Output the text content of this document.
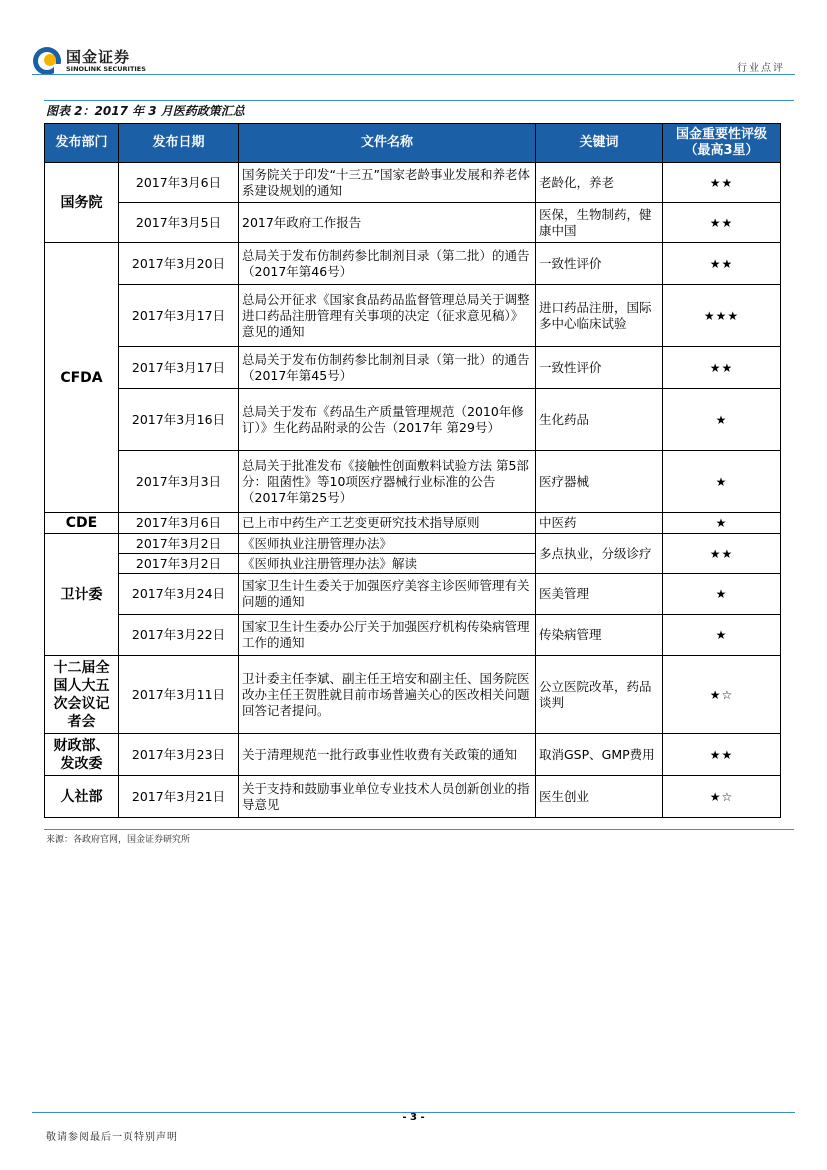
国金证券
SINOLINK SECURITIES	行业点评
图表 2：2017 年 3 月医药政策汇总
发布部门	发布日期	文件名称	关键词	国金重要性评级（最高3星）
国务院	2017年3月6日	国务院关于印发“十三五”国家老龄事业发展和养老体系建设规划的通知	老龄化，养老	★★
	2017年3月5日	2017年政府工作报告	医保，生物制药，健康中国	★★
CFDA	2017年3月20日	总局关于发布仿制药参比制剂目录（第二批）的通告（2017年第46号）	一致性评价	★★
	2017年3月17日	总局公开征求《国家食品药品监督管理总局关于调整进口药品注册管理有关事项的决定（征求意见稿）》意见的通知	进口药品注册，国际多中心临床试验	★★★
	2017年3月17日	总局关于发布仿制药参比制剂目录（第一批）的通告（2017年第45号）	一致性评价	★★
	2017年3月16日	总局关于发布《药品生产质量管理规范（2010年修订）》生化药品附录的公告（2017年 第29号）	生化药品	★
	2017年3月3日	总局关于批准发布《接触性创面敷料试验方法 第5部分：阻菌性》等10项医疗器械行业标准的公告（2017年第25号）	医疗器械	★
CDE	2017年3月6日	已上市中药生产工艺变更研究技术指导原则	中医药	★
卫计委	2017年3月2日	《医师执业注册管理办法》	多点执业，分级诊疗	★★
	2017年3月2日	《医师执业注册管理办法》解读		
	2017年3月24日	国家卫生计生委关于加强医疗美容主诊医师管理有关问题的通知	医美管理	★
	2017年3月22日	国家卫生计生委办公厅关于加强医疗机构传染病管理工作的通知	传染病管理	★
十二届全国人大五次会议记者会	2017年3月11日	卫计委主任李斌、副主任王培安和副主任、国务院医改办主任王贺胜就目前市场普遍关心的医改相关问题回答记者提问。	公立医院改革，药品谈判	★☆
财政部、发改委	2017年3月23日	关于清理规范一批行政事业性收费有关政策的通知	取消GSP、GMP费用	★★
人社部	2017年3月21日	关于支持和鼓励事业单位专业技术人员创新创业的指导意见	医生创业	★☆
来源：各政府官网，国金证券研究所
- 3 -
敬请参阅最后一页特别声明
